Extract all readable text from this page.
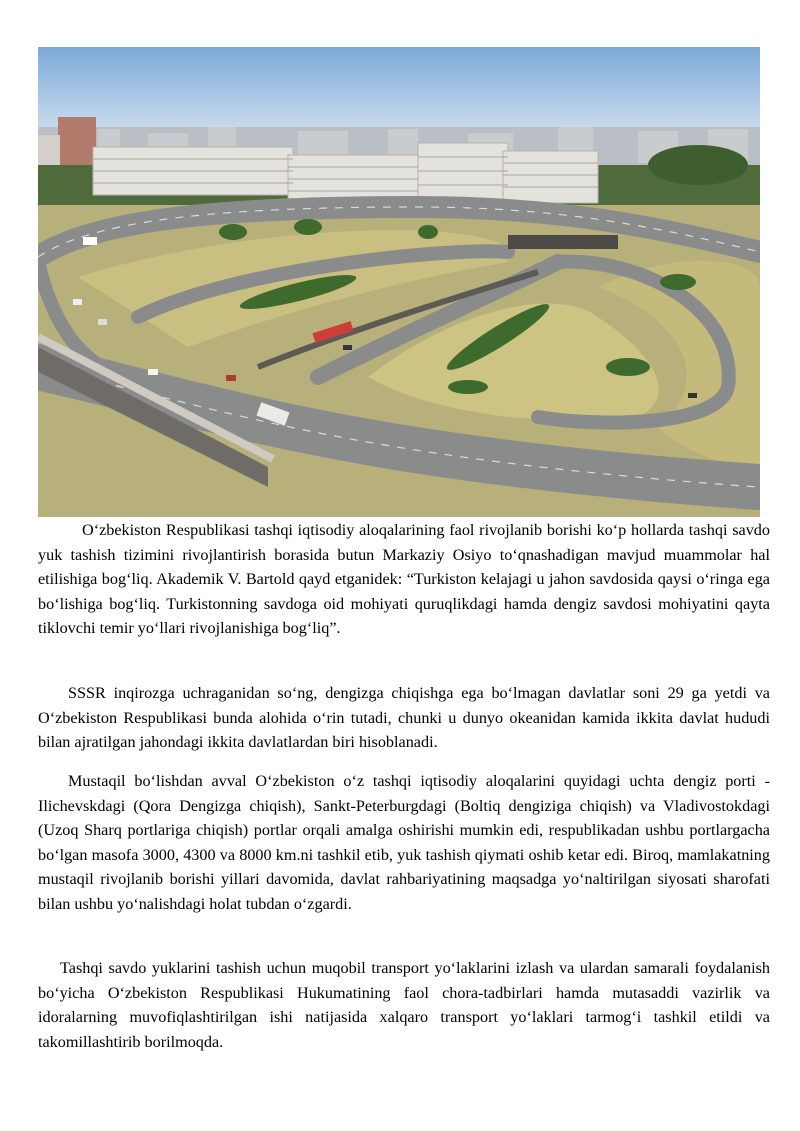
O‘zbekiston Respublikasi tashqi iqtisodiy aloqalarining faol rivojlanib borishi ko‘p hollarda tashqi savdo yuk tashish tizimini rivojlantirish borasida butun Markaziy Osiyo to‘qnashadigan mavjud muammolar hal etilishiga bog‘liq. Akademik V. Bartold qayd etganidek: “Turkiston kelajagi u jahon savdosida qaysi o‘ringa ega bo‘lishiga bog‘liq. Turkistonning savdoga oid mohiyati quruqlikdagi hamda dengiz savdosi mohiyatini qayta tiklovchi temir yo‘llari rivojlanishiga bog‘liq”.

SSSR inqirozga uchraganidan so‘ng, dengizga chiqishga ega bo‘lmagan davlatlar soni 29 ga yetdi va O‘zbekiston Respublikasi bunda alohida o‘rin tutadi, chunki u dunyo okeanidan kamida ikkita davlat hududi bilan ajratilgan jahondagi ikkita davlatlardan biri hisoblanadi.

Mustaqil bo‘lishdan avval O‘zbekiston o‘z tashqi iqtisodiy aloqalarini quyidagi uchta dengiz porti - Ilichevskdagi (Qora Dengizga chiqish), Sankt-Peterburgdagi (Boltiq dengiziga chiqish) va Vladivostokdagi (Uzoq Sharq portlariga chiqish) portlar orqali amalga oshirishi mumkin edi, respublikadan ushbu portlargacha bo‘lgan masofa 3000, 4300 va 8000 km.ni tashkil etib, yuk tashish qiymati oshib ketar edi. Biroq, mamlakatning mustaqil rivojlanib borishi yillari davomida, davlat rahbariyatining maqsadga yo‘naltirilgan siyosati sharofati bilan ushbu yo‘nalishdagi holat tubdan o‘zgardi.

Tashqi savdo yuklarini tashish uchun muqobil transport yo‘laklarini izlash va ulardan samarali foydalanish bo‘yicha O‘zbekiston Respublikasi Hukumatining faol chora-tadbirlari hamda mutasaddi vazirlik va idoralarning muvofiqlashtirilgan ishi natijasida xalqaro transport yo‘laklari tarmog‘i tashkil etildi va takomillashtirib borilmoqda.
